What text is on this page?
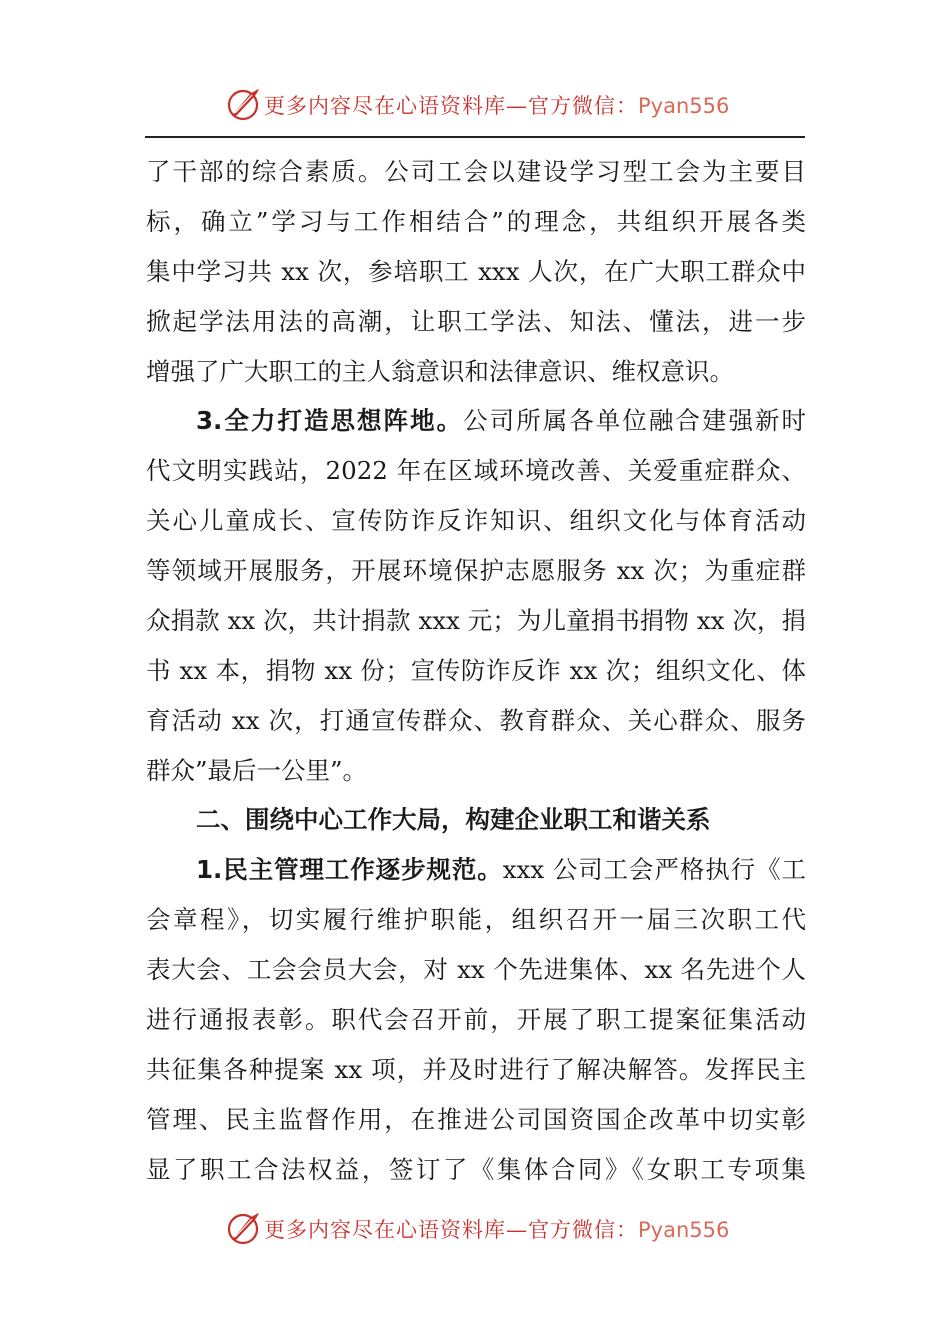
更多内容尽在心语资料库—官方微信：Pyan556
了干部的综合素质。公司工会以建设学习型工会为主要目
标，确立”学习与工作相结合”的理念，共组织开展各类
集中学习共 xx 次，参培职工 xxx 人次，在广大职工群众中
掀起学法用法的高潮，让职工学法、知法、懂法，进一步
增强了广大职工的主人翁意识和法律意识、维权意识。
3.全力打造思想阵地。公司所属各单位融合建强新时
代文明实践站，2022 年在区域环境改善、关爱重症群众、
关心儿童成长、宣传防诈反诈知识、组织文化与体育活动
等领域开展服务，开展环境保护志愿服务 xx 次；为重症群
众捐款 xx 次，共计捐款 xxx 元；为儿童捐书捐物 xx 次，捐
书 xx 本，捐物 xx 份；宣传防诈反诈 xx 次；组织文化、体
育活动 xx 次，打通宣传群众、教育群众、关心群众、服务
群众”最后一公里”。
二、围绕中心工作大局，构建企业职工和谐关系
1.民主管理工作逐步规范。xxx 公司工会严格执行《工
会章程》，切实履行维护职能，组织召开一届三次职工代
表大会、工会会员大会，对 xx 个先进集体、xx 名先进个人
进行通报表彰。职代会召开前，开展了职工提案征集活动
共征集各种提案 xx 项，并及时进行了解决解答。发挥民主
管理、民主监督作用，在推进公司国资国企改革中切实彰
显了职工合法权益，签订了《集体合同》《女职工专项集
更多内容尽在心语资料库—官方微信：Pyan556
